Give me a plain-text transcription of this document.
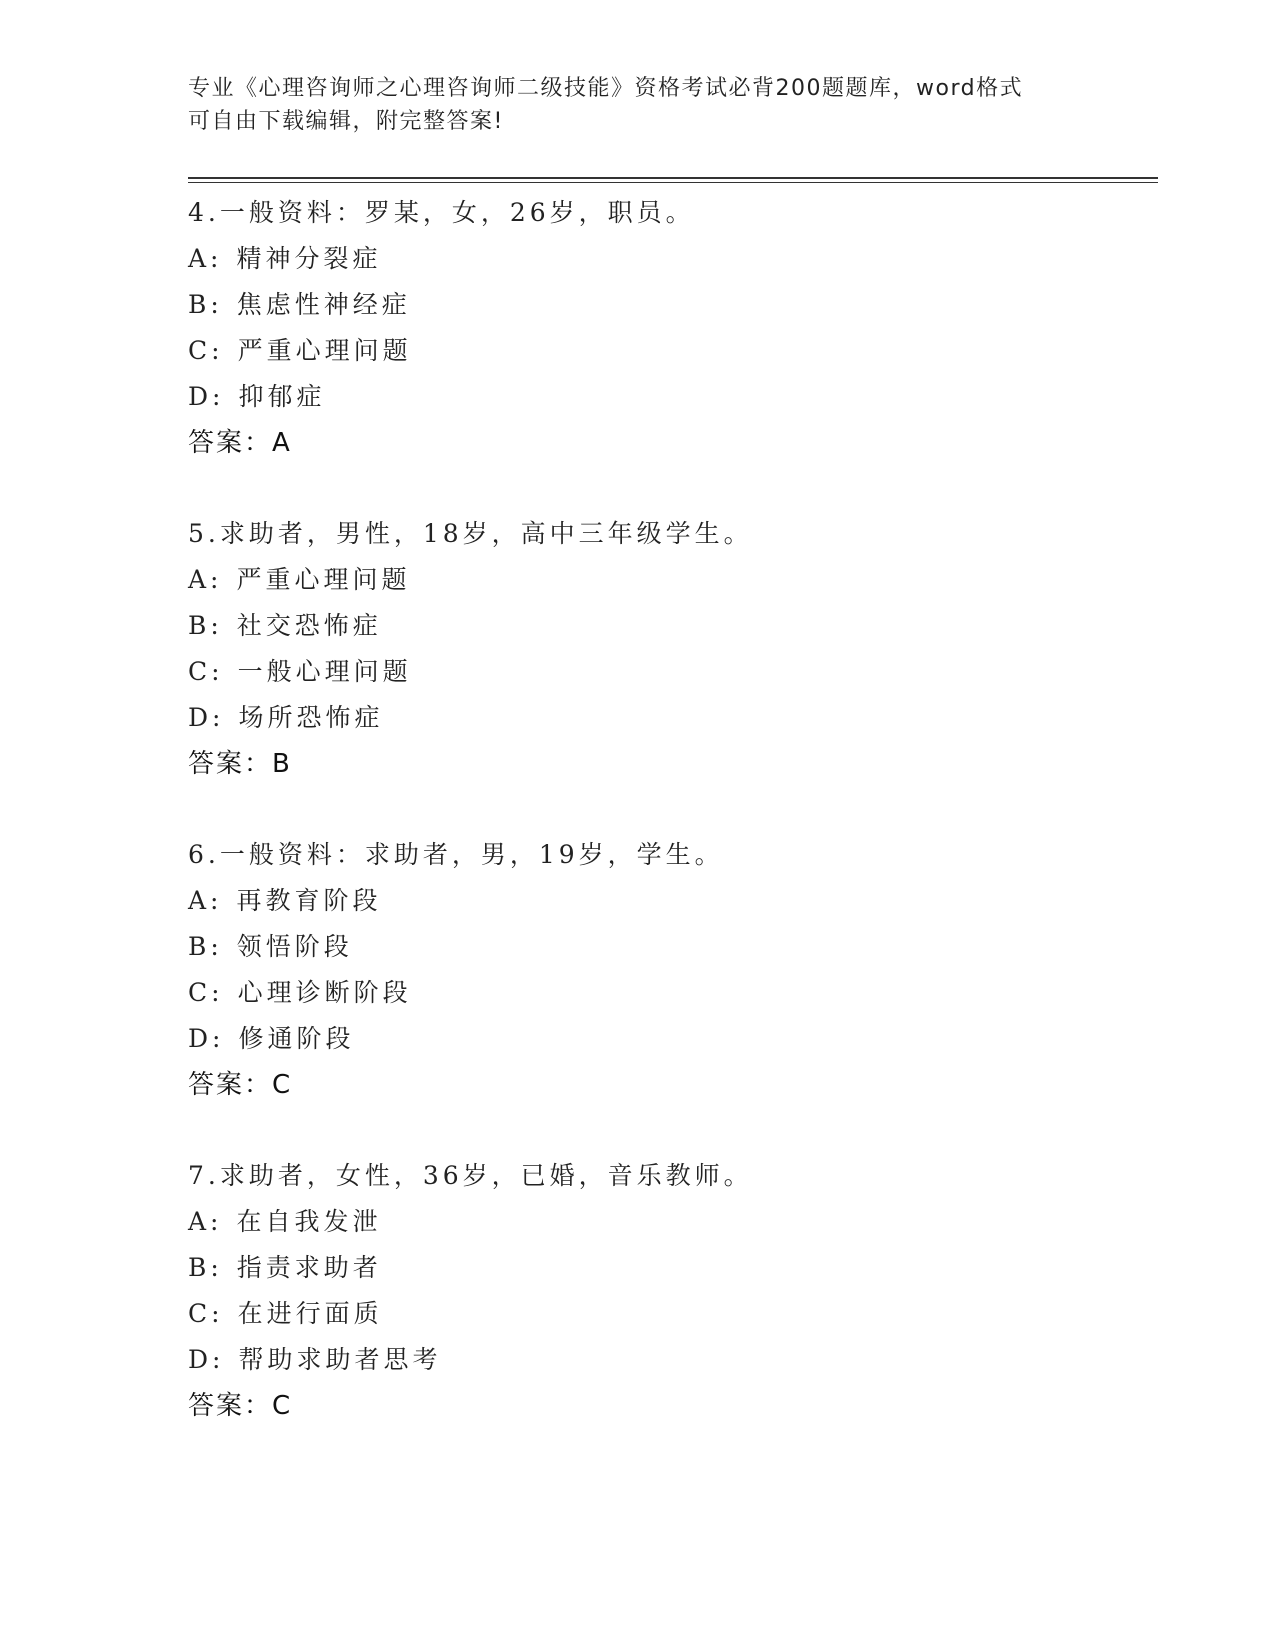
专业《心理咨询师之心理咨询师二级技能》资格考试必背200题题库，word格式

可自由下载编辑，附完整答案!

4.一般资料：罗某，女，26岁，职员。
A: 精神分裂症
B: 焦虑性神经症
C: 严重心理问题
D: 抑郁症
答案：A
5.求助者，男性，18岁，高中三年级学生。
A: 严重心理问题
B: 社交恐怖症
C: 一般心理问题
D: 场所恐怖症
答案：B
6.一般资料：求助者，男，19岁，学生。
A: 再教育阶段
B: 领悟阶段
C: 心理诊断阶段
D: 修通阶段
答案：C
7.求助者，女性，36岁，已婚，音乐教师。
A: 在自我发泄
B: 指责求助者
C: 在进行面质
D: 帮助求助者思考
答案：C
